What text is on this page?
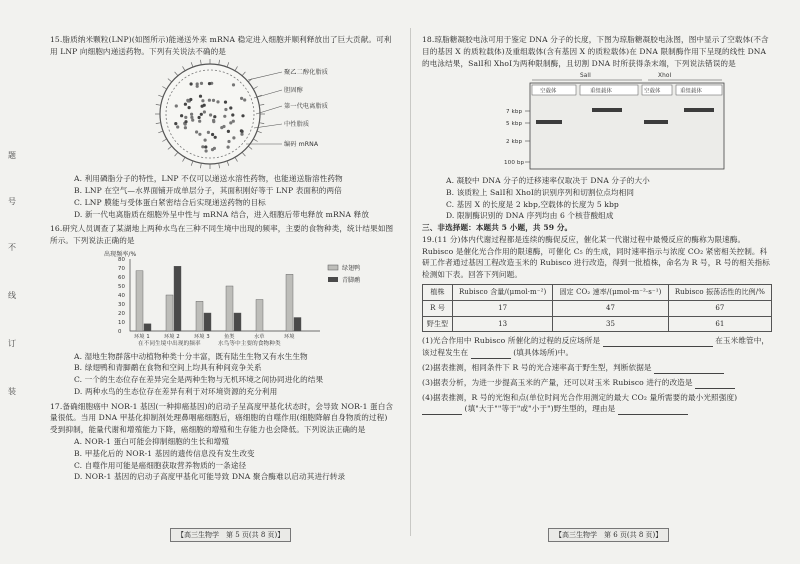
题
号
不
线
订
装

15.脂质纳米颗粒(LNP)(如图所示)能递送外来 mRNA 稳定进入细胞并顺利释放出了巨大贡献。可利用 LNP 向细胞内递送药物。下列有关说法不确的是

聚乙二醇化脂质
胆固醇
第一代电离脂质
中性脂质
编码 mRNA

A. 利用磷脂分子的特性，LNP 不仅可以递送水溶性药物，也能递送脂溶性药物

B. LNP 在空气—水界面铺开成单层分子，其面积刚好等于 LNP 表面积的两倍

C. LNP 膜能与受体蛋白紧密结合后实现递送药物的目标

D. 新一代电离脂质在细胞外呈中性与 mRNA 结合，进入细胞后带电释放 mRNA 释放

16.研究人员调查了某湖地上两种水鸟在三种不同生境中出现的频率，主要的食物种类，统计结果如图所示。下列说法正确的是

出现频率/%
80
70
60
50
40
30
20
10
0
环境 1	环境 2	环境 3	鱼类	水草	环境
在不同生境中出现的频率	水鸟等中主要的食物种类
绿翅鸭
青脚鹬

A. 湿地生物群落中动植物种类十分丰富，既有陆生生物又有水生生物

B. 绿翅鸭和青脚鹬在食物和空间上均具有种间竞争关系

C. 一个的生态位存在差异完全是两种生物与无机环境之间协同进化的结果

D. 两种水鸟的生态位存在差异有利于对环境资源的充分利用

17.备确细胞癌中 NOR-1 基因(一种抑癌基因)的启动子呈高度甲基化状态时，会导致 NOR-1 蛋白含量很低。当用 DNA 甲基化抑制剂处理鼻咽癌细胞后，癌细胞的自噬作用(细胞降解自身物质的过程)受到抑制，能量代谢和增殖能力下降，癌细胞的增殖和生存能力也会降低。下列说法正确的是

A. NOR-1 蛋白可能会抑制细胞的生长和增殖

B. 甲基化后的 NOR-1 基因的遗传信息没有发生改变

C. 自噬作用可能是癌细胞获取营养物质的一条途径

D. NOR-1 基因的启动子高度甲基化可能导致 DNA 聚合酶难以启动其进行转录

【高三生物学　第 5 页(共 8 页)】

18.琼脂糖凝胶电泳可用于鉴定 DNA 分子的长度，下图为琼脂糖凝胶电泳图，图中显示了空载体(不含目的基因 X 的质粒载体)及重组载体(含有基因 X 的质粒载体)在 DNA 限制酶作用下呈现的线性 DNA 的电泳结果，SalⅠ和 XhoⅠ为两种限制酶，且切割 DNA 时所获得条末端，下列说法错误的是

SalⅠ	XhoⅠ
空载体	重组载体	空载体	重组载体
7 kbp
5 kbp
2 kbp
100 bp

A. 凝胶中 DNA 分子的迁移速率仅取决于 DNA 分子的大小

B. 该质粒上 SalⅠ和 XhoⅠ的识别序列和切割位点均相同

C. 基因 X 的长度是 2 kbp,空载体的长度为 5 kbp

D. 限制酶识别的 DNA 序列均由 6 个核苷酸组成

三、非选择题：本题共 5 小题，共 59 分。

19.(11 分)体内代谢过程都是连续的酶促反应，催化某一代谢过程中最慢反应的酶称为限速酶。Rubisco 是催化光合作用的限速酶，可催化 C₅ 的生成，同时速率指示与浓度 CO₂ 紧密相关控制。科研工作者通过基因工程改造玉米的 Rubisco 进行改造，得到一批植株，命名为 R 号，R 号的相关指标检测如下表。回答下列问题。

植株	Rubisco 含量/(μmol·m⁻²)	固定 CO₂ 速率/(μmol·m⁻²·s⁻¹)	Rubisco 振荡活性的比例/%
R 号	17	47	67
野生型	13	35	61

(1)光合作用中 Rubisco 所催化的过程的反应场所是	在玉米维管中，该过程发生在	(填具体场所)中。

(2)据表推测，相同条件下 R 号的光合速率高于野生型，判断依据是

(3)据表分析，为进一步提高玉米的产量，还可以对玉米 Rubisco 进行的改造是

(4)据表推测，R 号的光饱和点(单位时间光合作用测定的最大 CO₂ 量所需要的最小光照强度)  (填"大于""等于"或"小于")野生型的，理由是

【高三生物学　第 6 页(共 8 页)】
